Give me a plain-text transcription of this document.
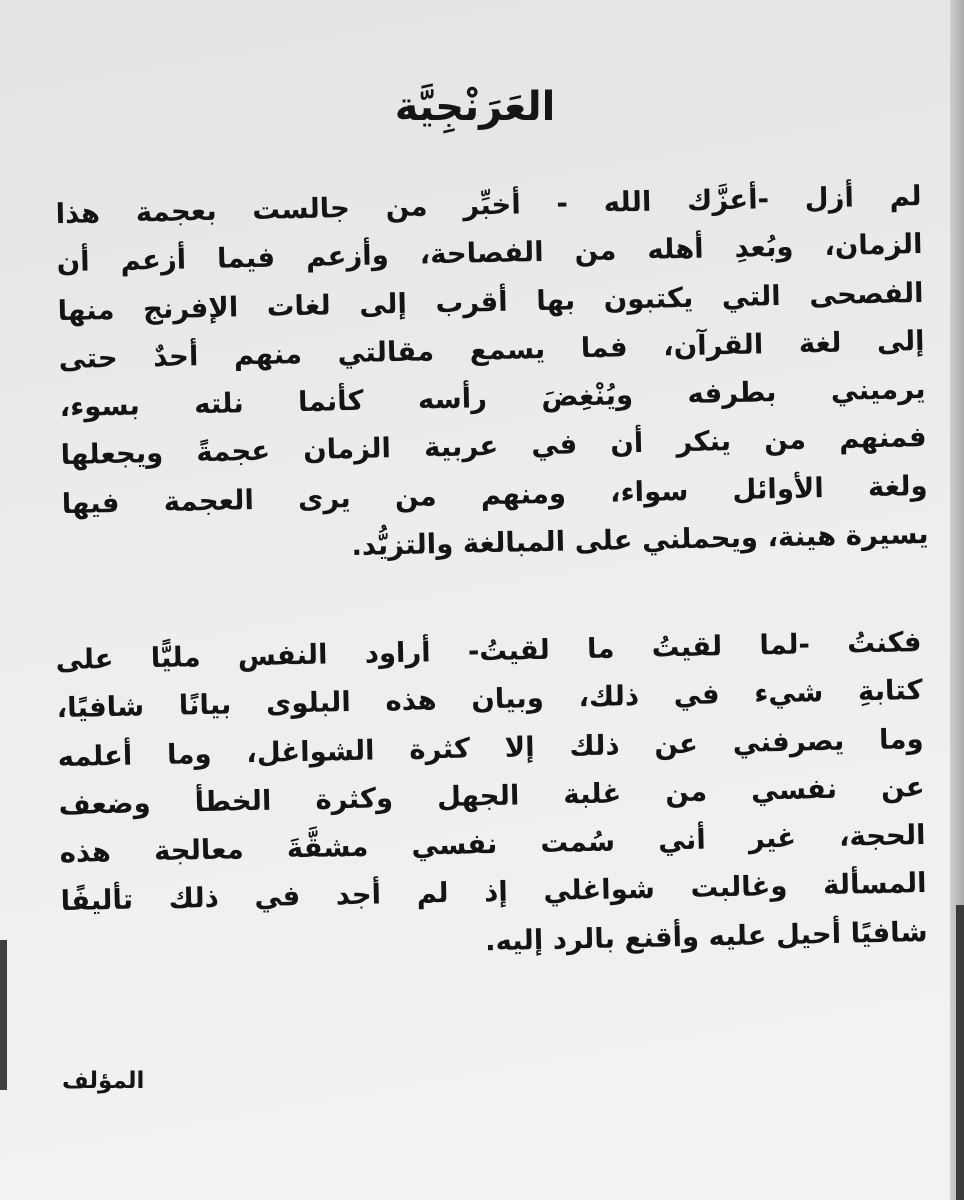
العَرَنْجِيَّة
لم أزل -أعزَّك الله - أخبِّر من جالست بعجمة هذا
الزمان، وبُعدِ أهله من الفصاحة، وأزعم فيما أزعم أن
الفصحى التي يكتبون بها أقرب إلى لغات الإفرنج منها
إلى لغة القرآن، فما يسمع مقالتي منهم أحدٌ حتى
يرميني بطرفه ويُنْغِضَ رأسه كأنما نلته بسوء،
فمنهم من ينكر أن في عربية الزمان عجمةً ويجعلها
ولغة الأوائل سواء، ومنهم من يرى العجمة فيها
يسيرة هينة، ويحملني على المبالغة والتزيُّد.
فكنتُ -لما لقيتُ ما لقيتُ- أراود النفس مليًّا على
كتابةِ شيء في ذلك، وبيان هذه البلوى بيانًا شافيًا،
وما يصرفني عن ذلك إلا كثرة الشواغل، وما أعلمه
عن نفسي من غلبة الجهل وكثرة الخطأ وضعف
الحجة، غير أني سُمت نفسي مشقَّةَ معالجة هذه
المسألة وغالبت شواغلي إذ لم أجد في ذلك تأليفًا
شافيًا أحيل عليه وأقنع بالرد إليه.

المؤلف
